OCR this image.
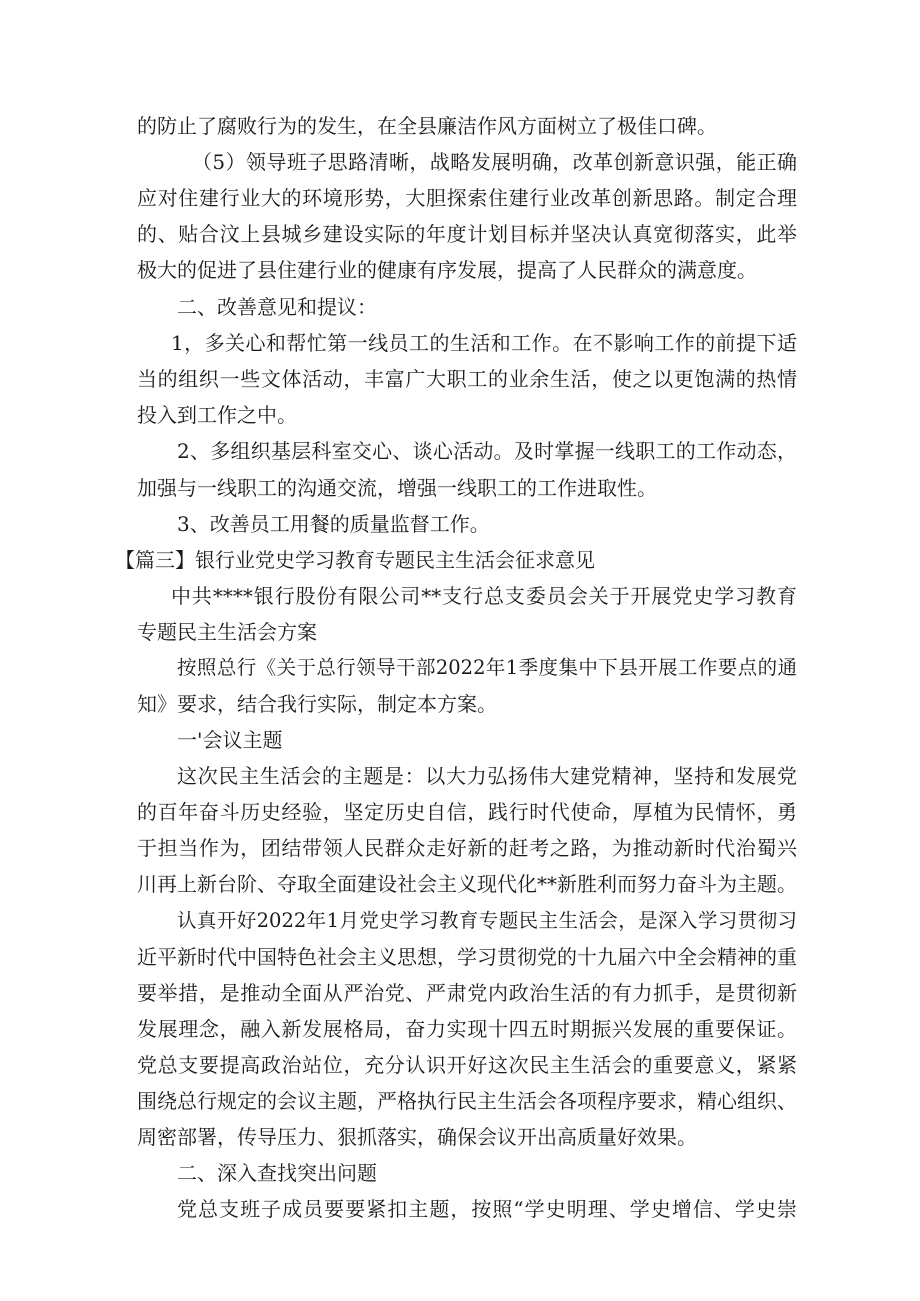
的防止了腐败行为的发生，在全县廉洁作风方面树立了极佳口碑。
（5）领导班子思路清晰，战略发展明确，改革创新意识强，能正确
应对住建行业大的环境形势，大胆探索住建行业改革创新思路。制定合理
的、贴合汶上县城乡建设实际的年度计划目标并坚决认真宽彻落实，此举
极大的促进了县住建行业的健康有序发展，提高了人民群众的满意度。
二、改善意见和提议：
1，多关心和帮忙第一线员工的生活和工作。在不影响工作的前提下适
当的组织一些文体活动，丰富广大职工的业余生活，使之以更饱满的热情
投入到工作之中。
2、多组织基层科室交心、谈心活动。及时掌握一线职工的工作动态，
加强与一线职工的沟通交流，增强一线职工的工作进取性。
3、改善员工用餐的质量监督工作。
【篇三】银行业党史学习教育专题民主生活会征求意见
中共****银行股份有限公司**支行总支委员会关于开展党史学习教育
专题民主生活会方案
按照总行《关于总行领导干部2022年1季度集中下县开展工作要点的通
知》要求，结合我行实际，制定本方案。
一'会议主题
这次民主生活会的主题是：以大力弘扬伟大建党精神，坚持和发展党
的百年奋斗历史经验，坚定历史自信，践行时代使命，厚植为民情怀，勇
于担当作为，团结带领人民群众走好新的赶考之路，为推动新时代治蜀兴
川再上新台阶、夺取全面建设社会主义现代化**新胜利而努力奋斗为主题。
认真开好2022年1月党史学习教育专题民主生活会，是深入学习贯彻习
近平新时代中国特色社会主义思想，学习贯彻党的十九届六中全会精神的重
要举措，是推动全面从严治党、严肃党内政治生活的有力抓手，是贯彻新
发展理念，融入新发展格局，奋力实现十四五时期振兴发展的重要保证。
党总支要提高政治站位，充分认识开好这次民主生活会的重要意义，紧紧
围绕总行规定的会议主题，严格执行民主生活会各项程序要求，精心组织、
周密部署，传导压力、狠抓落实，确保会议开出高质量好效果。
二、深入查找突出问题
党总支班子成员要要紧扣主题，按照“学史明理、学史增信、学史崇
